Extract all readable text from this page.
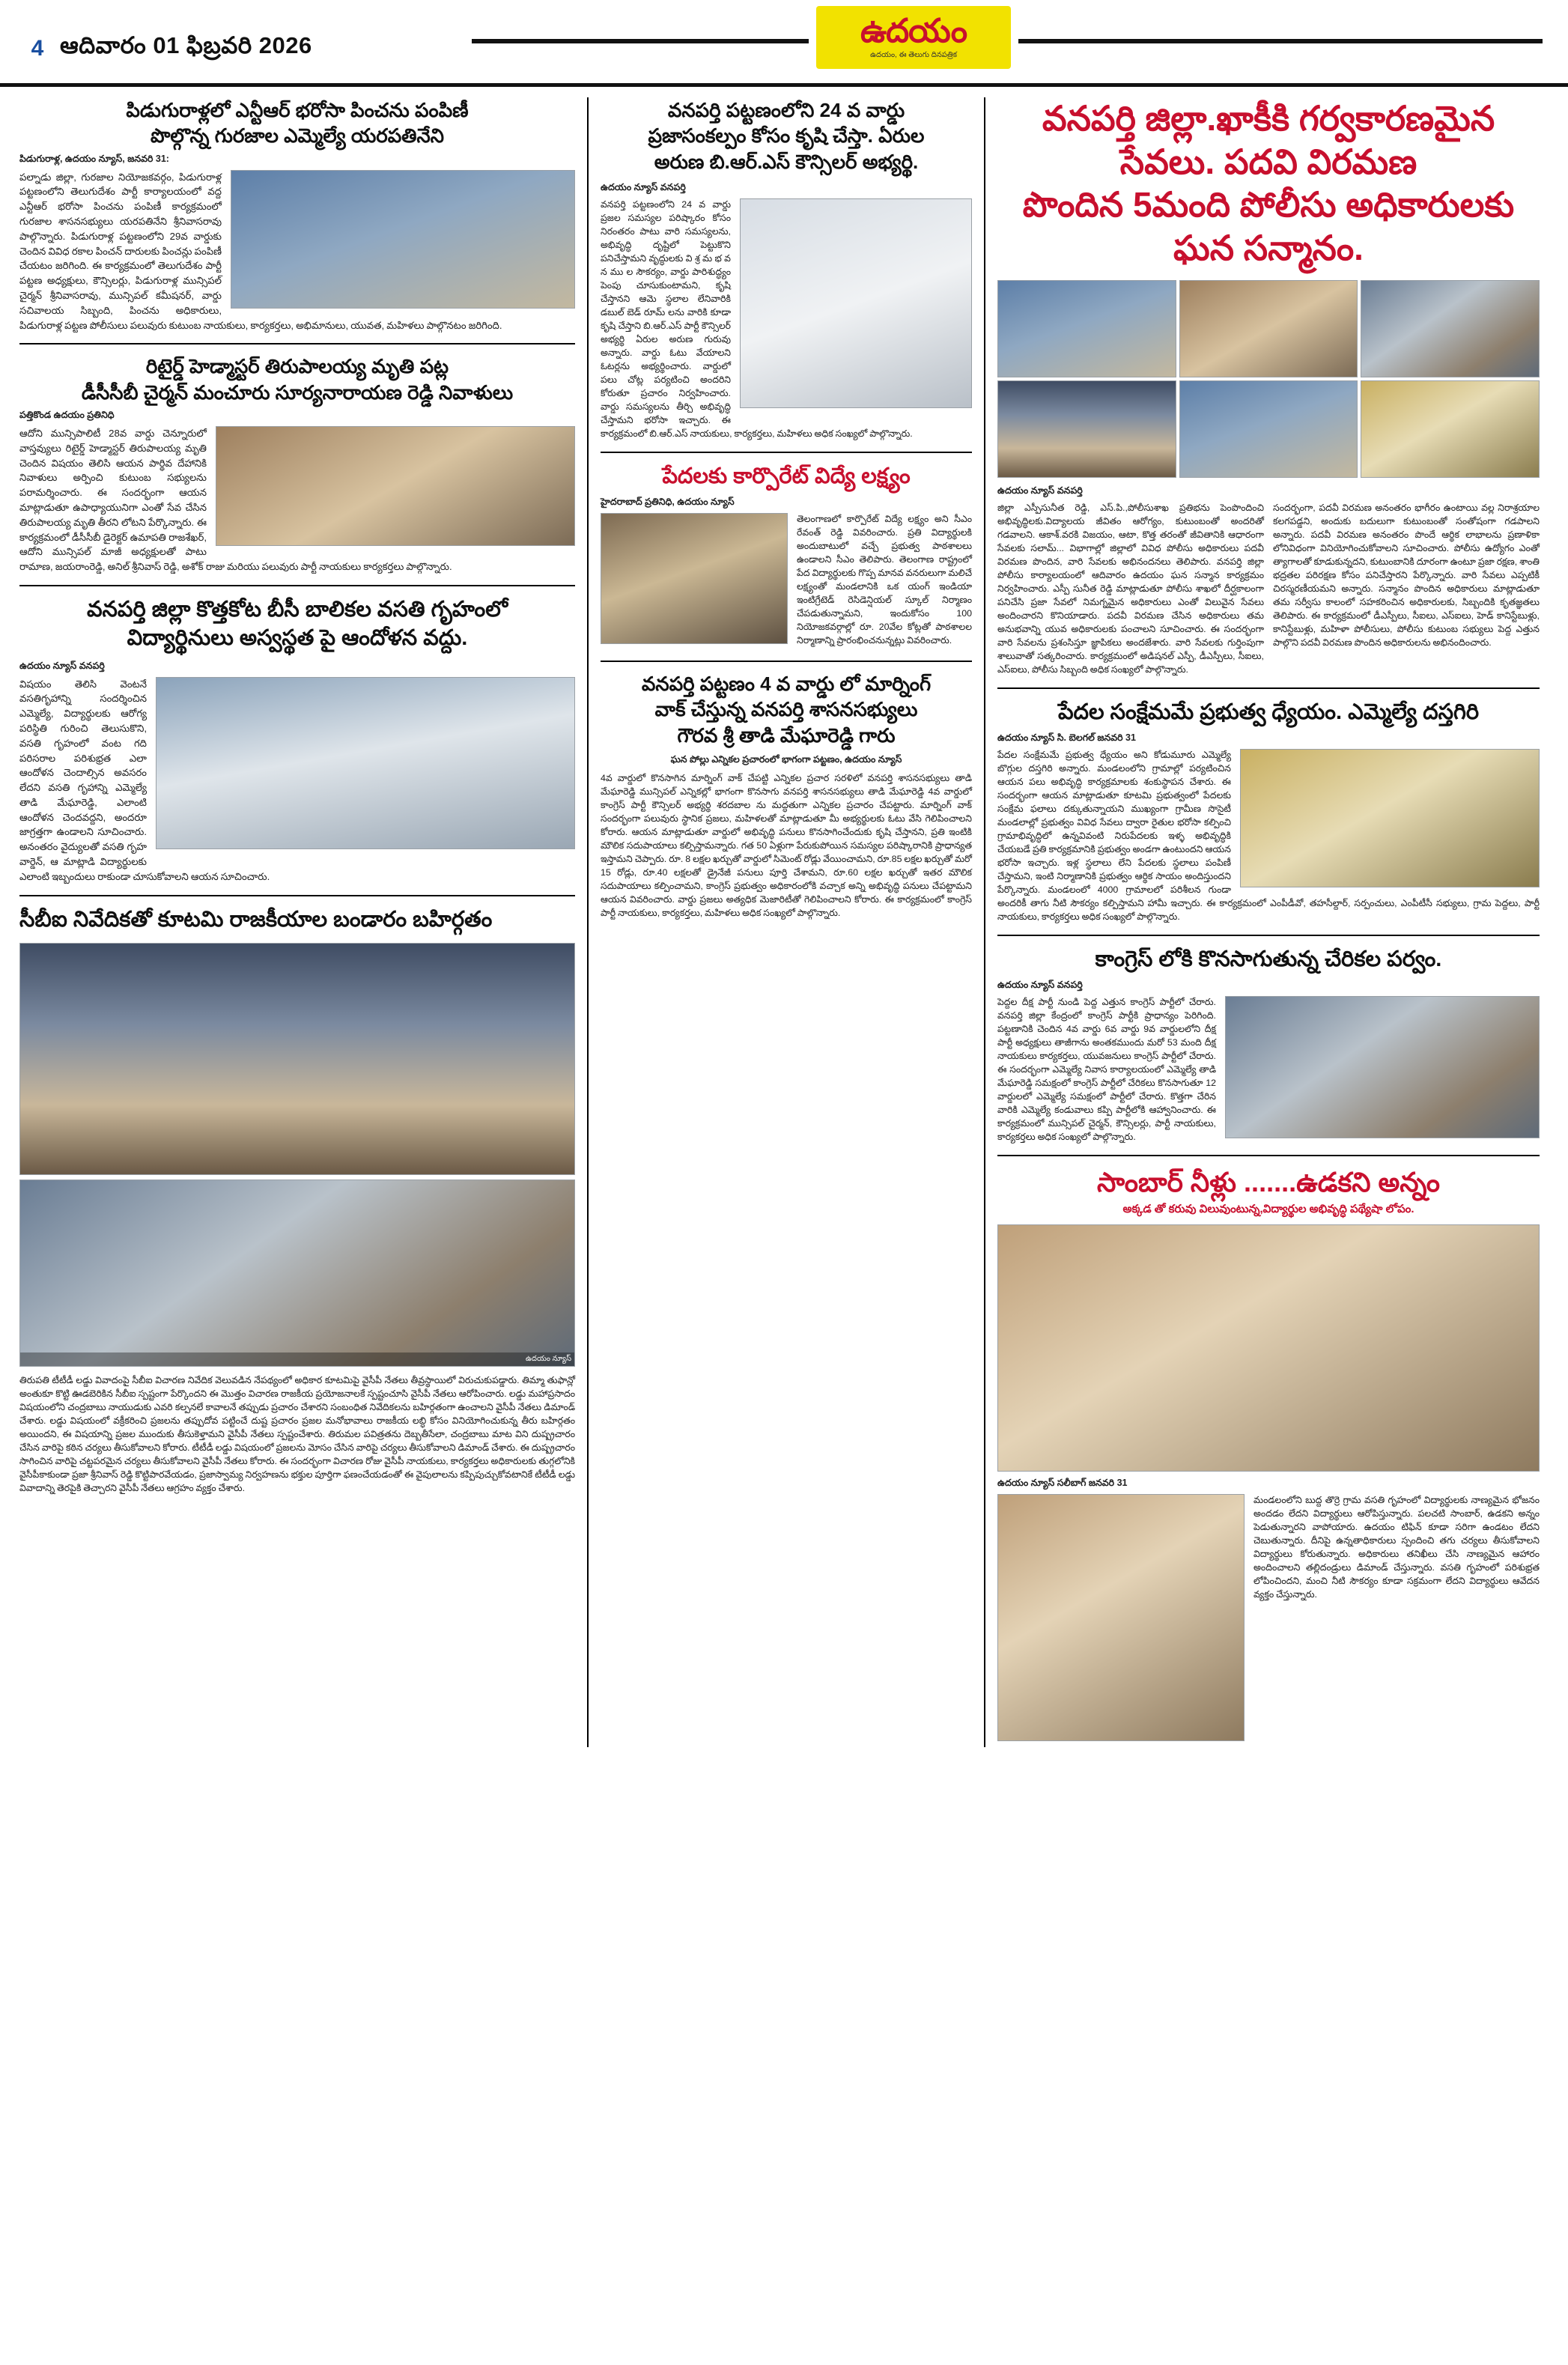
4 ఆదివారం 01 ఫిబ్రవరి 2026	ఉదయం
ఉదయం, ఈ తెలుగు దినపత్రిక
పిడుగురాళ్లలో ఎన్టీఆర్ భరోసా పించను పంపిణీ
పొల్గొన్న గురజాల ఎమ్మెల్యే యరపతినేని
పిడుగురాళ్ల, ఉదయం న్యూస్, జనవరి 31:
పల్నాడు జిల్లా, గురజాల నియోజకవర్గం, పిడుగురాళ్ల పట్టణంలోని తెలుగుదేశం పార్టీ కార్యాలయంలో వద్ద ఎన్టీఆర్ భరోసా పించను పంపిణీ కార్యక్రమంలో గురజాల శాసనసభ్యులు యరపతినేని శ్రీనివాసరావు పాల్గొన్నారు. పిడుగురాళ్ల పట్టణంలోని 29వ వార్డుకు చెందిన వివిధ రకాల పించన్ దారులకు పించన్లు పంపిణీ చేయటం జరిగింది. ఈ కార్యక్రమంలో తెలుగుదేశం పార్టీ పట్టణ అధ్యక్షులు, కౌన్సిలర్లు, పిడుగురాళ్ల మున్సిపల్ చైర్మన్ శ్రీనివాసరావు, మున్సిపల్ కమీషనర్, వార్డు సచివాలయ సిబ్బంది, పించను అధికారులు, పిడుగురాళ్ల పట్టణ పోలీసులు పలువురు కుటుంబ నాయకులు, కార్యకర్తలు, అభిమానులు, యువత, మహిళలు పాల్గొనటం జరిగింది.
రిటైర్డ్ హెడ్మాస్టర్ తిరుపాలయ్య మృతి పట్ల
డీసీసీబీ చైర్మన్ మంచూరు సూర్యనారాయణ రెడ్డి నివాళులు
పత్తికొండ ఉదయం ప్రతినిధి
ఆదోని మున్సిపాలిటీ 28వ వార్డు చెన్నూరులో వాస్తవ్యులు రిటైర్డ్ హెడ్మాస్టర్ తిరుపాలయ్య మృతి చెందిన విషయం తెలిసి ఆయన పార్థివ దేహానికి నివాళులు అర్పించి కుటుంబ సభ్యులను పరామర్శించారు. ఈ సందర్భంగా ఆయన మాట్లాడుతూ ఉపాధ్యాయునిగా ఎంతో సేవ చేసిన తిరుపాలయ్య మృతి తీరని లోటని పేర్కొన్నారు. ఈ కార్యక్రమంలో డీసీసీబీ డైరెక్టర్ ఉమాపతి రాజశేఖర్, ఆదోని మున్సిపల్ మాజీ అధ్యక్షులతో పాటు రామాణ, జయరాంరెడ్డి, అనిల్ శ్రీనివాస్ రెడ్డి, అశోక్ రాజు మరియు పలువురు పార్టీ నాయకులు కార్యకర్తలు పాల్గొన్నారు.
వనపర్తి జిల్లా కొత్తకోట బీసీ బాలికల వసతి గృహంలో
విద్యార్థినులు అస్వస్థత పై ఆందోళన వద్దు.
ఉదయం న్యూస్ వనపర్తి
విషయం తెలిసి వెంటనే వసతిగృహాన్ని సందర్శించిన ఎమ్మెల్యే, విద్యార్థులకు ఆరోగ్య పరిస్థితి గురించి తెలుసుకొని, వసతి గృహంలో వంట గది పరిసరాల పరిశుభ్రత ఎలా ఆందోళన చెందాల్సిన అవసరం లేదని వసతి గృహాన్ని ఎమ్మెల్యే తాడి మేఘారెడ్డి, ఎలాంటి ఆందోళన చెందవద్దని, అందరూ జాగ్రత్తగా ఉండాలని సూచించారు. అనంతరం వైద్యులతో వసతి గృహ వార్డెన్, ఆ మాట్లాడి విద్యార్థులకు ఎలాంటి ఇబ్బందులు రాకుండా చూసుకోవాలని ఆయన సూచించారు.
సీబీఐ నివేదికతో కూటమి రాజకీయాల బండారం బహిర్గతం
ఉదయం న్యూస్
తిరుపతి టీటీడీ లడ్డు వివాదంపై సీబీఐ విచారణ నివేదిక వెలువడిన నేపథ్యంలో అధికార కూటమిపై వైసీపీ నేతలు తీవ్రస్థాయిలో విరుచుకుపడ్డారు. తిమ్మా తుఫాన్లో అంతుకూ కొట్టి ఊడబెరికిన సీబీఐ స్పష్టంగా పేర్కొందని ఈ మొత్తం విచారణ రాజకీయ ప్రయోజనాలకే స్పష్టంచూసి వైసీపీ నేతలు ఆరోపించారు. లడ్డు మహాప్రసాదం విషయంలోని చంద్రబాబు నాయుడుకు ఎవరి కల్పనలే కావాలనే తప్పుడు ప్రచారం చేశారని సంబంధిత నివేదికలను బహిర్గతంగా ఉంచాలని వైసీపీ నేతలు డిమాండ్ చేశారు. లడ్డు విషయంలో వక్రీకరించి ప్రజలను తప్పుదోవ పట్టించే దుష్ట ప్రచారం ప్రజల మనోభావాలు రాజకీయ లబ్ధి కోసం వినియోగించుకున్న తీరు బహిర్గతం అయిందని, ఈ విషయాన్ని ప్రజల ముందుకు తీసుకెళ్తామని వైసీపీ నేతలు స్పష్టంచేశారు. తిరుమల పవిత్రతను దెబ్బతీసేలా, చంద్రబాబు మాట విని దుష్ప్రచారం చేసిన వారిపై కఠిన చర్యలు తీసుకోవాలని కోరారు. టీటీడీ లడ్డు విషయంలో ప్రజలను మోసం చేసిన వారిపై చర్యలు తీసుకోవాలని డిమాండ్ చేశారు. ఈ దుష్ప్రచారం సాగించిన వారిపై చట్టపరమైన చర్యలు తీసుకోవాలని వైసీపీ నేతలు కోరారు. ఈ సందర్భంగా విచారణ రోజు వైసీపీ నాయకులు, కార్యకర్తలు అధికారులకు తుగ్గలోనికి వైసీపీకాకుండా ప్రజా శ్రీనివాస్ రెడ్డి కొట్టిపారవేయడం, ప్రజాస్వామ్య నిర్వహణను భక్తుల పూర్తిగా ఫణంచేయడంతో ఈ వైపులాలను కప్పిపుచ్చుకోవటానికే టీటీడీ లడ్డు వివాదాన్ని తెరపైకి తెచ్చారని వైసీపీ నేతలు ఆగ్రహం వ్యక్తం చేశారు.
వనపర్తి పట్టణంలోని 24 వ వార్డు
ప్రజాసంకల్పం కోసం కృషి చేస్తా. ఏరుల
అరుణ బి.ఆర్.ఎస్ కౌన్సిలర్ అభ్యర్థి.
ఉదయం న్యూస్ వనపర్తి
వనపర్తి పట్టణంలోని 24 వ వార్డు ప్రజల సమస్యల పరిష్కారం కోసం నిరంతరం పాటు వారి సమస్యలను, అభివృద్ధి దృష్టిలో పెట్టుకొని పనిచేస్తామని వృద్ధులకు వి శ్ర మ భ వ న ము ల సౌకర్యం, వార్డు పారిశుద్ధ్యం పెంపు చూసుకుంటామని, కృషి చేస్తానని ఆమె స్థలాల లేనివారికి డబుల్ బెడ్ రూమ్ లను వారికి కూడా కృషి చేస్తాని బి.ఆర్.ఎస్ పార్టీ కౌన్సిలర్ అభ్యర్థి ఏరుల అరుణ గురువు అన్నారు. వార్డు ఓటు వేయాలని ఓటర్లను అభ్యర్థించారు. వార్డులో పలు చోట్ల పర్యటించి అందరిని కోరుతూ ప్రచారం నిర్వహించారు. వార్డు సమస్యలను తీర్చి అభివృద్ధి చేస్తామని భరోసా ఇచ్చారు. ఈ కార్యక్రమంలో బి.ఆర్.ఎస్ నాయకులు, కార్యకర్తలు, మహిళలు అధిక సంఖ్యలో పాల్గొన్నారు.
పేదలకు కార్పొరేట్ విద్యే లక్ష్యం
హైదరాబాద్ ప్రతినిధి, ఉదయం న్యూస్
తెలంగాణలో కార్పొరేట్ విద్యే లక్ష్యం అని సీఎం రేవంత్ రెడ్డి వివరించారు. ప్రతి విద్యార్థులకి అందుబాటులో వచ్చే ప్రభుత్వ పాఠశాలలు ఉండాలని సీఎం తెలిపారు. తెలంగాణ రాష్ట్రంలో పేద విద్యార్థులకు గొప్ప మానవ వనరులుగా మలిచే లక్ష్యంతో మండలానికి ఒక యంగ్ ఇండియా ఇంటిగ్రేటెడ్ రెసిడెన్షియల్ స్కూల్ నిర్మాణం చేపడుతున్నామని, ఇందుకోసం 100 నియోజకవర్గాల్లో రూ. 20వేల కోట్లతో పాఠశాలల నిర్మాణాన్ని ప్రారంభించనున్నట్లు వివరించారు.
వనపర్తి పట్టణం 4 వ వార్డు లో మార్నింగ్
వాక్ చేస్తున్న వనపర్తి శాసనసభ్యులు
గౌరవ శ్రీ తాడి మేఘారెడ్డి గారు
ఘన పోల్లు ఎన్నికల ప్రచారంలో భాగంగా పట్టణం, ఉదయం న్యూస్
4వ వార్డులో కొనసాగిన మార్నింగ్ వాక్ చేపట్టి ఎన్నికల ప్రచార సరళిలో వనపర్తి శాసనసభ్యులు తాడి మేఘారెడ్డి మున్సిపల్ ఎన్నికల్లో భాగంగా కొనసాగు వనపర్తి శాసనసభ్యులు తాడి మేఘారెడ్డి 4వ వార్డులో కాంగ్రెస్ పార్టీ కౌన్సిలర్ అభ్యర్థి శరదబాల ను మద్ధతుగా ఎన్నికల ప్రచారం చేపట్టారు. మార్నింగ్ వాక్ సందర్భంగా పలువురు స్థానిక ప్రజలు, మహిళలతో మాట్లాడుతూ మీ అభ్యర్థులకు ఓటు వేసి గెలిపించాలని కోరారు. ఆయన మాట్లాడుతూ వార్డులో అభివృద్ధి పనులు కొనసాగించేందుకు కృషి చేస్తానని, ప్రతి ఇంటికి మౌలిక సదుపాయాలు కల్పిస్తామన్నారు. గత 50 ఏళ్లుగా పేరుకుపోయిన సమస్యల పరిష్కారానికి ప్రాధాన్యత ఇస్తామని చెప్పారు. రూ. 8 లక్షల ఖర్చుతో వార్డులో సిమెంట్ రోడ్లు వేయించామని, రూ.85 లక్షల ఖర్చుతో మరో 15 రోడ్లు, రూ.40 లక్షలతో డ్రైనేజీ పనులు పూర్తి చేశామని, రూ.60 లక్షల ఖర్చుతో ఇతర మౌలిక సదుపాయాలు కల్పించామని, కాంగ్రెస్ ప్రభుత్వం అధికారంలోకి వచ్చాక అన్ని అభివృద్ధి పనులు చేపట్టామని ఆయన వివరించారు. వార్డు ప్రజలు అత్యధిక మెజారిటీతో గెలిపించాలని కోరారు. ఈ కార్యక్రమంలో కాంగ్రెస్ పార్టీ నాయకులు, కార్యకర్తలు, మహిళలు అధిక సంఖ్యలో పాల్గొన్నారు.
వనపర్తి జిల్లా.ఖాకీకి గర్వకారణమైన సేవలు. పదవి విరమణ
పొందిన 5మంది పోలీసు అధికారులకు ఘన సన్మానం.
ఉదయం న్యూస్ వనపర్తి
జిల్లా ఎస్పీసునీత రెడ్డి, ఎస్.పి.,పోలీసుశాఖ ప్రతిభను పెంపొందించి అభివృద్ధిలకు.విద్యాలయ జీవితం ఆరోగ్యం, కుటుంబంతో అందరితో గడవాలని. ఆకాశ్.వరకి విజయం, ఆటా, కొత్త తరంతో జీవితానికి ఆధారంగా సేవలకు సలామ్... విభాగాల్లో జిల్లాలో వివిధ పోలీసు అధికారులు పదవీ విరమణ పొందిన, వారి సేవలకు అభినందనలు తెలిపారు. వనపర్తి జిల్లా పోలీసు కార్యాలయంలో ఆదివారం ఉదయం ఘన సన్మాన కార్యక్రమం నిర్వహించారు. ఎస్పీ సునీత రెడ్డి మాట్లాడుతూ పోలీసు శాఖలో దీర్ఘకాలంగా పనిచేసి ప్రజా సేవలో నిమగ్నమైన అధికారులు ఎంతో విలువైన సేవలు అందించారని కొనియాడారు. పదవీ విరమణ చేసిన అధికారులు తమ అనుభవాన్ని యువ అధికారులకు పంచాలని సూచించారు. ఈ సందర్భంగా వారి సేవలను ప్రశంసిస్తూ జ్ఞాపికలు అందజేశారు. వారి సేవలకు గుర్తింపుగా శాలువాతో సత్కరించారు. కార్యక్రమంలో అడిషనల్ ఎస్పీ, డీఎస్పీలు, సీఐలు, ఎస్ఐలు, పోలీసు సిబ్బంది అధిక సంఖ్యలో పాల్గొన్నారు.
సందర్భంగా, పదవీ విరమణ అనంతరం భాగీరం ఉంటాయి వల్ల నిరాశ్రయాల కలగపడ్డని, అందుకు బదులుగా కుటుంబంతో సంతోషంగా గడపాలని అన్నారు. పదవీ విరమణ అనంతరం పొందే ఆర్థిక లాభాలను ప్రణాళికా లోనివిధంగా వినియోగించుకోవాలని సూచించారు. పోలీసు ఉద్యోగం ఎంతో త్యాగాలతో కూడుకున్నదని, కుటుంబానికి దూరంగా ఉంటూ ప్రజా రక్షణ, శాంతి భద్రతల పరిరక్షణ కోసం పనిచేస్తారని పేర్కొన్నారు. వారి సేవలు ఎప్పటికీ చిరస్మరణీయమని అన్నారు. సన్మానం పొందిన అధికారులు మాట్లాడుతూ తమ సర్వీసు కాలంలో సహకరించిన అధికారులకు, సిబ్బందికి కృతజ్ఞతలు తెలిపారు. ఈ కార్యక్రమంలో డీఎస్పీలు, సీఐలు, ఎస్ఐలు, హెడ్ కానిస్టేబుళ్లు, కానిస్టేబుళ్లు, మహిళా పోలీసులు, పోలీసు కుటుంబ సభ్యులు పెద్ద ఎత్తున పాల్గొని పదవీ విరమణ పొందిన అధికారులను అభినందించారు.
పేదల సంక్షేమమే ప్రభుత్వ ధ్యేయం. ఎమ్మెల్యే దస్తగిరి
ఉదయం న్యూస్ సి. బెలగల్ జనవరి 31
పేదల సంక్షేమమే ప్రభుత్వ ధ్యేయం అని కోడుమూరు ఎమ్మెల్యే బొగ్గుల దస్తగిరి అన్నారు. మండలంలోని గ్రామాల్లో పర్యటించిన ఆయన పలు అభివృద్ధి కార్యక్రమాలకు శంకుస్థాపన చేశారు. ఈ సందర్భంగా ఆయన మాట్లాడుతూ కూటమి ప్రభుత్వంలో పేదలకు సంక్షేమ ఫలాలు దక్కుతున్నాయని ముఖ్యంగా గ్రామీణ సొసైటీ మండలాల్లో ప్రభుత్వం వివిధ సేవలు ద్వారా రైతుల భరోసా కల్పించి గ్రామాభివృద్ధిలో ఉన్నవివంటి నిరుపేదలకు ఇళ్ళ అభివృద్ధికి చేయబడే ప్రతి కార్యక్రమానికి ప్రభుత్వం అండగా ఉంటుందని ఆయన భరోసా ఇచ్చారు. ఇళ్ల స్థలాలు లేని పేదలకు స్థలాలు పంపిణీ చేస్తామని, ఇంటి నిర్మాణానికి ప్రభుత్వం ఆర్థిక సాయం అందిస్తుందని పేర్కొన్నారు. మండలంలో 4000 గ్రామాలలో పరిశీలన గుండా అందరికీ తాగు నీటి సౌకర్యం కల్పిస్తామని హామీ ఇచ్చారు. ఈ కార్యక్రమంలో ఎంపీడీవో, తహసీల్దార్, సర్పంచులు, ఎంపీటీసీ సభ్యులు, గ్రామ పెద్దలు, పార్టీ నాయకులు, కార్యకర్తలు అధిక సంఖ్యలో పాల్గొన్నారు.
కాంగ్రెస్ లోకి కొనసాగుతున్న చేరికల పర్వం.
ఉదయం న్యూస్ వనపర్తి
పెద్దల దీక్ష పార్టీ నుండి పెద్ద ఎత్తున కాంగ్రెస్ పార్టీలో చేరారు. వనపర్తి జిల్లా కేంద్రంలో కాంగ్రెస్ పార్టీకి ప్రాధాన్యం పెరిగింది. పట్టణానికి చెందిన 4వ వార్డు 6వ వార్డు 9వ వార్డులలోని దీక్ష పార్టీ అధ్యక్షులు తాజీగాను అంతకముందు మరో 53 మంది దీక్ష నాయకులు కార్యకర్తలు, యువజనులు కాంగ్రెస్ పార్టీలో చేరారు. ఈ సందర్భంగా ఎమ్మెల్యే నివాస కార్యాలయంలో ఎమ్మెల్యే తాడి మేఘారెడ్డి సమక్షంలో కాంగ్రెస్ పార్టీలో చేరికలు కొనసాగుతూ 12 వార్డులలో ఎమ్మెల్యే సమక్షంలో పార్టీలో చేరారు. కొత్తగా చేరిన వారికి ఎమ్మెల్యే కండువాలు కప్పి పార్టీలోకి ఆహ్వానించారు. ఈ కార్యక్రమంలో మున్సిపల్ చైర్మన్, కౌన్సిలర్లు, పార్టీ నాయకులు, కార్యకర్తలు అధిక సంఖ్యలో పాల్గొన్నారు.
సాంబార్ నీళ్లు .......ఉడకని అన్నం
అక్కడ తో కరువు విలువుంటున్న,విద్యార్థుల అభివృద్ధి పథ్యేషా లోపం.
ఉదయం న్యూస్ సలీబాగ్ జనవరి 31
మండలంలోని బుద్ద తొర్రె గ్రామ వసతి గృహంలో విద్యార్థులకు నాణ్యమైన భోజనం అందడం లేదని విద్యార్థులు ఆరోపిస్తున్నారు. పలచటి సాంబార్, ఉడకని అన్నం పెడుతున్నారని వాపోయారు. ఉదయం టిఫిన్ కూడా సరిగా ఉండటం లేదని చెబుతున్నారు. దీనిపై ఉన్నతాధికారులు స్పందించి తగు చర్యలు తీసుకోవాలని విద్యార్థులు కోరుతున్నారు. అధికారులు తనిఖీలు చేసి నాణ్యమైన ఆహారం అందించాలని తల్లిదండ్రులు డిమాండ్ చేస్తున్నారు. వసతి గృహంలో పరిశుభ్రత లోపించిందని, మంచి నీటి సౌకర్యం కూడా సక్రమంగా లేదని విద్యార్థులు ఆవేదన వ్యక్తం చేస్తున్నారు.
